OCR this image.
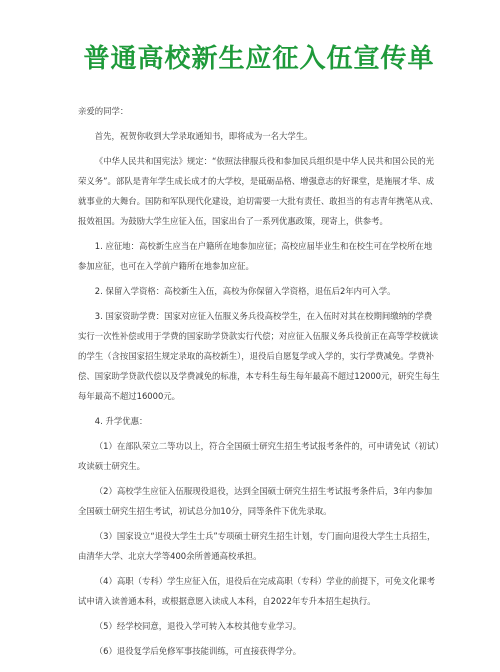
普通高校新生应征入伍宣传单

亲爱的同学：

首先，祝贺你收到大学录取通知书，即将成为一名大学生。

《中华人民共和国宪法》规定：“依照法律服兵役和参加民兵组织是中华人民共和国公民的光荣义务”。部队是青年学生成长成才的大学校，是砥砺品格、增强意志的好课堂，是施展才华、成就事业的大舞台。国防和军队现代化建设，迫切需要一大批有责任、敢担当的有志青年携笔从戎、报效祖国。为鼓励大学生应征入伍，国家出台了一系列优惠政策，现寄上，供参考。

1. 应征地：高校新生应当在户籍所在地参加应征；高校应届毕业生和在校生可在学校所在地参加应征，也可在入学前户籍所在地参加应征。

2. 保留入学资格：高校新生入伍，高校为你保留入学资格，退伍后2年内可入学。

3. 国家资助学费：国家对应征入伍服义务兵役高校学生，在入伍时对其在校期间缴纳的学费实行一次性补偿或用于学费的国家助学贷款实行代偿；对应征入伍服义务兵役前正在高等学校就读的学生（含按国家招生规定录取的高校新生），退役后自愿复学或入学的，实行学费减免。学费补偿、国家助学贷款代偿以及学费减免的标准，本专科生每生每年最高不超过12000元，研究生每生每年最高不超过16000元。

4. 升学优惠：

（1）在部队荣立二等功以上，符合全国硕士研究生招生考试报考条件的，可申请免试（初试）攻读硕士研究生。

（2）高校学生应征入伍服现役退役，达到全国硕士研究生招生考试报考条件后，3年内参加全国硕士研究生招生考试，初试总分加10分，同等条件下优先录取。

（3）国家设立“退役大学生士兵”专项硕士研究生招生计划，专门面向退役大学生士兵招生，由清华大学、北京大学等400余所普通高校承担。

（4）高职（专科）学生应征入伍，退役后在完成高职（专科）学业的前提下，可免文化课考试申请入读普通本科，或根据意愿入读成人本科，自2022年专升本招生起执行。

（5）经学校同意，退役入学可转入本校其他专业学习。

（6）退役复学后免修军事技能训练，可直接获得学分。
